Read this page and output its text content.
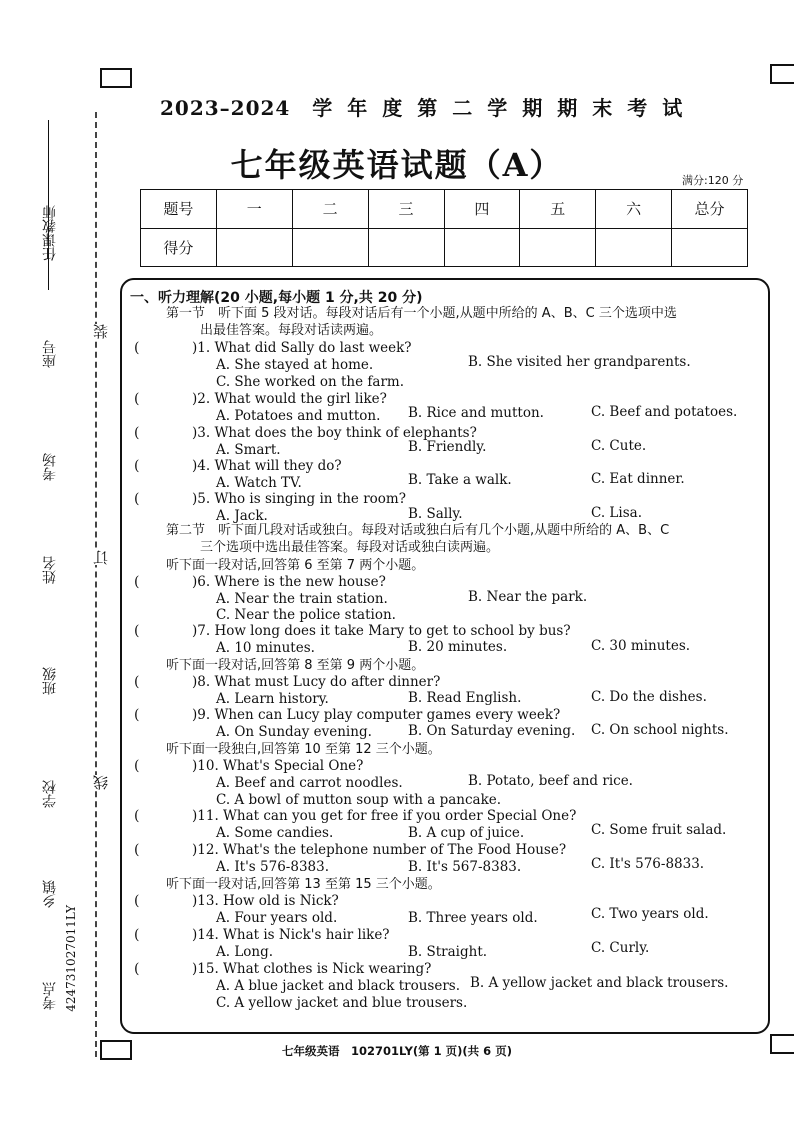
任课教师
座号
考场
姓名
班级
学校
乡镇
考点 424731027011LY
装
订
线
2023–2024 学年度第二学期期末考试
七年级英语试题（A）	满分:120 分
题号	一	二	三	四	五	六	总分
得分							
一、听力理解(20 小题,每小题 1 分,共 20 分)
第一节　听下面 5 段对话。每段对话后有一个小题,从题中所给的 A、B、C 三个选项中选
出最佳答案。每段对话读两遍。
(	)1. What did Sally do last week?
A. She stayed at home.	B. She visited her grandparents.
C. She worked on the farm.
(	)2. What would the girl like?
A. Potatoes and mutton. B. Rice and mutton.	C. Beef and potatoes.
(	)3. What does the boy think of elephants?
A. Smart.	B. Friendly.	C. Cute.
(	)4. What will they do?
A. Watch TV.	B. Take a walk.	C. Eat dinner.
(	)5. Who is singing in the room?
A. Jack.	B. Sally.	C. Lisa.
第二节　听下面几段对话或独白。每段对话或独白后有几个小题,从题中所给的 A、B、C
三个选项中选出最佳答案。每段对话或独白读两遍。
听下面一段对话,回答第 6 至第 7 两个小题。
(	)6. Where is the new house?
A. Near the train station.	B. Near the park.
C. Near the police station.
(	)7. How long does it take Mary to get to school by bus?
A. 10 minutes.	B. 20 minutes.	C. 30 minutes.
听下面一段对话,回答第 8 至第 9 两个小题。
(	)8. What must Lucy do after dinner?
A. Learn history.	B. Read English.	C. Do the dishes.
(	)9. When can Lucy play computer games every week?
A. On Sunday evening.	B. On Saturday evening. C. On school nights.
听下面一段独白,回答第 10 至第 12 三个小题。
(	)10. What's Special One?
A. Beef and carrot noodles.	B. Potato, beef and rice.
C. A bowl of mutton soup with a pancake.
(	)11. What can you get for free if you order Special One?
A. Some candies.	B. A cup of juice.	C. Some fruit salad.
(	)12. What's the telephone number of The Food House?
A. It's 576-8383.	B. It's 567-8383.	C. It's 576-8833.
听下面一段对话,回答第 13 至第 15 三个小题。
(	)13. How old is Nick?
A. Four years old.	B. Three years old.	C. Two years old.
(	)14. What is Nick's hair like?
A. Long.	B. Straight.	C. Curly.
(	)15. What clothes is Nick wearing?
A. A blue jacket and black trousers. B. A yellow jacket and black trousers.
C. A yellow jacket and blue trousers.
七年级英语　102701LY(第 1 页)(共 6 页)
